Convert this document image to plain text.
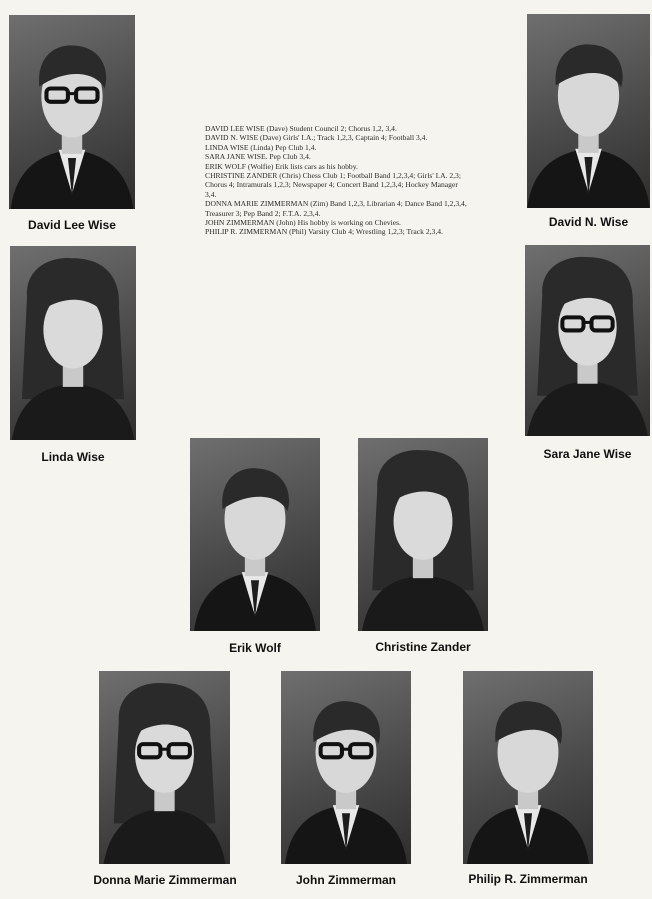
David Lee Wise	David N. Wise
Linda Wise	Sara Jane Wise
Erik Wolf	Christine Zander
Donna Marie Zimmerman	John Zimmerman	Philip R. Zimmerman

DAVID LEE WISE (Dave) Student Council 2; Chorus 1,2, 3,4.

DAVID N. WISE (Dave) Girls' I.A.; Track 1,2,3, Captain 4; Football 3,4.

LINDA WISE (Linda) Pep Club 1,4.

SARA JANE WISE. Pep Club 3,4.

ERIK WOLF (Wolfie) Erik lists cars as his hobby.

CHRISTINE ZANDER (Chris) Chess Club 1; Football Band 1,2,3,4; Girls' I.A. 2,3; Chorus 4; Intramurals 1,2,3; Newspaper 4; Concert Band 1,2,3,4; Hockey Manager 3,4.

DONNA MARIE ZIMMERMAN (Zim) Band 1,2,3, Librarian 4; Dance Band 1,2,3,4, Treasurer 3; Pep Band 2; F.T.A. 2,3,4.

JOHN ZIMMERMAN (John) His hobby is working on Chevies.

PHILIP R. ZIMMERMAN (Phil) Varsity Club 4; Wrestling 1,2,3; Track 2,3,4.
